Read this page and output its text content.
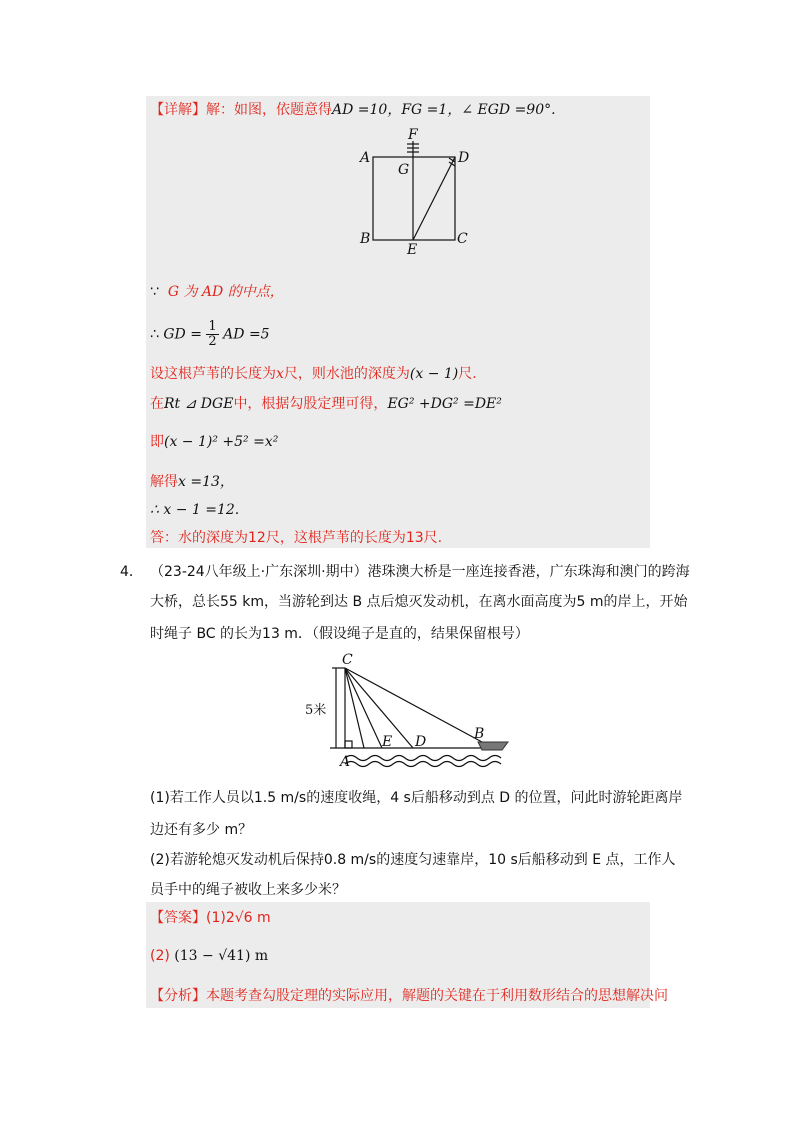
【详解】解：如图，依题意得AD =10，FG =1，∠ EGD =90°.
F
A
G
D
B	C
E
∵ G 为 AD 的中点，
∴ GD = $\frac{1}{2}$ AD =5
设这根芦苇的长度为x尺，则水池的深度为(x − 1)尺.
在Rt ⊿ DGE中，根据勾股定理可得，EG² +DG² =DE²
即(x − 1)² +5² =x²
解得x =13，
∴ x − 1 =12.
答：水的深度为12尺，这根芦苇的长度为13尺.
4． （23-24八年级上·广东深圳·期中）港珠澳大桥是一座连接香港，广东珠海和澳门的跨海
大桥，总长55 km，当游轮到达 B 点后熄灭发动机，在离水面高度为5 m的岸上，开始
时绳子 BC 的长为13 m．（假设绳子是直的，结果保留根号）
C
B
D
E
A
5米
(1)若工作人员以1.5 m/s的速度收绳，4 s后船移动到点 D 的位置，问此时游轮距离岸
边还有多少 m？
(2)若游轮熄灭发动机后保持0.8 m/s的速度匀速靠岸，10 s后船移动到 E 点，工作人
员手中的绳子被收上来多少米？
【答案】(1)2√6 m
(2) (13 − √41) m
【分析】本题考查勾股定理的实际应用，解题的关键在于利用数形结合的思想解决问
